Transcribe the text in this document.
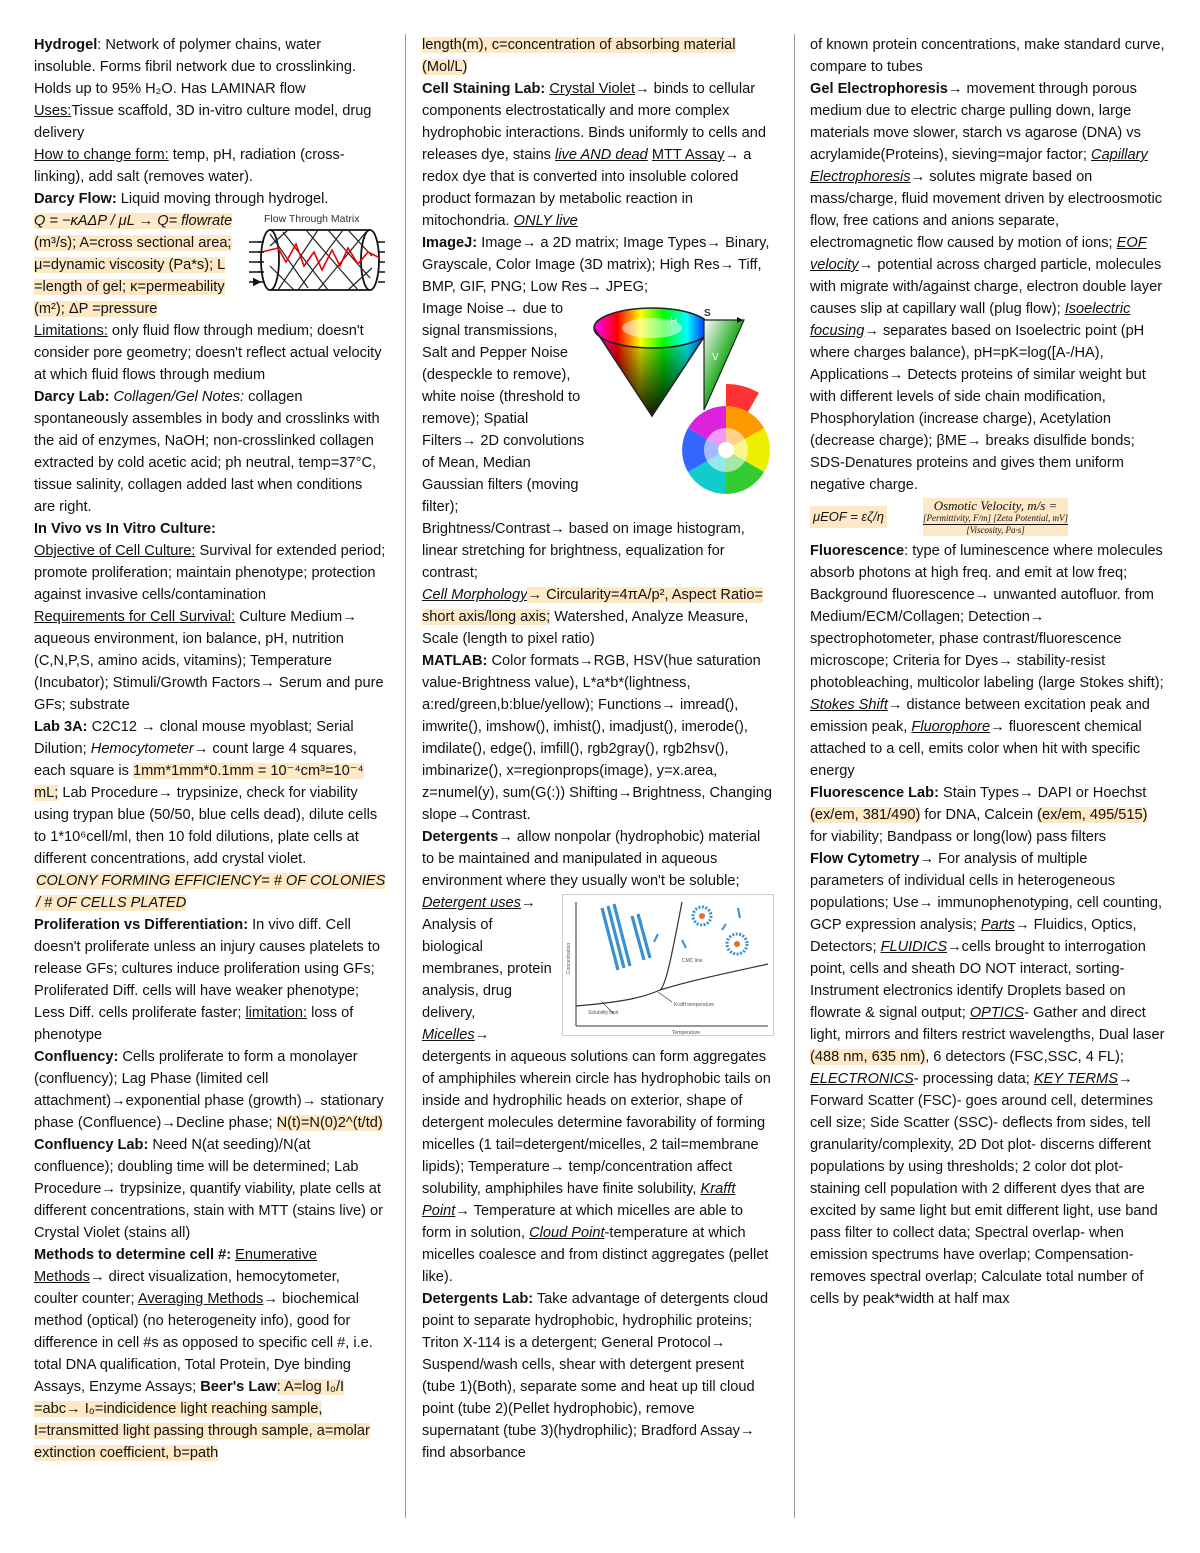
Hydrogel: Network of polymer chains, water insoluble. Forms fibril network due to crosslinking. Holds up to 95% H₂O. Has LAMINAR flow

Uses:Tissue scaffold, 3D in-vitro culture model, drug delivery

How to change form: temp, pH, radiation (cross-linking), add salt (removes water).

Darcy Flow: Liquid moving through hydrogel.

Flow Through Matrix

Q = −κAΔP / μL → Q= flowrate

(m³/s); A=cross sectional area; μ=dynamic viscosity (Pa*s); L =length of gel; κ=permeability (m²); ΔP =pressure

Limitations: only fluid flow through medium; doesn't consider pore geometry; doesn't reflect actual velocity at which fluid flows through medium

Darcy Lab: Collagen/Gel Notes: collagen spontaneously assembles in body and crosslinks with the aid of enzymes, NaOH; non-crosslinked collagen extracted by cold acetic acid; ph neutral, temp=37°C, tissue salinity, collagen added last when conditions are right.

In Vivo vs In Vitro Culture:

Objective of Cell Culture: Survival for extended period; promote proliferation; maintain phenotype; protection against invasive cells/contamination

Requirements for Cell Survival: Culture Medium→ aqueous environment, ion balance, pH, nutrition (C,N,P,S, amino acids, vitamins); Temperature (Incubator); Stimuli/Growth Factors→ Serum and pure GFs; substrate

Lab 3A: C2C12 → clonal mouse myoblast; Serial Dilution; Hemocytometer→ count large 4 squares, each square is 1mm*1mm*0.1mm = 10⁻⁴cm³=10⁻⁴ mL; Lab Procedure→ trypsinize, check for viability using trypan blue (50/50, blue cells dead), dilute cells to 1*10⁶cell/ml, then 10 fold dilutions, plate cells at different concentrations, add crystal violet.

COLONY FORMING EFFICIENCY= # OF COLONIES / # OF CELLS PLATED

Proliferation vs Differentiation: In vivo diff. Cell doesn't proliferate unless an injury causes platelets to release GFs; cultures induce proliferation using GFs; Proliferated Diff. cells will have weaker phenotype; Less Diff. cells proliferate faster; limitation: loss of phenotype

Confluency: Cells proliferate to form a monolayer (confluency); Lag Phase (limited cell attachment)→exponential phase (growth)→ stationary phase (Confluence)→Decline phase; N(t)=N(0)2^(t/td)

Confluency Lab: Need N(at seeding)/N(at confluence); doubling time will be determined; Lab Procedure→ trypsinize, quantify viability, plate cells at different concentrations, stain with MTT (stains live) or Crystal Violet (stains all)

Methods to determine cell #: Enumerative Methods→ direct visualization, hemocytometer, coulter counter; Averaging Methods→ biochemical method (optical) (no heterogeneity info), good for difference in cell #s as opposed to specific cell #, i.e. total DNA qualification, Total Protein, Dye binding Assays, Enzyme Assays; Beer's Law: A=log I₀/I =abc→ I₀=indicidence light reaching sample, I=transmitted light passing through sample, a=molar extinction coefficient, b=path

length(m), c=concentration of absorbing material (Mol/L)

Cell Staining Lab: Crystal Violet→ binds to cellular components electrostatically and more complex hydrophobic interactions. Binds uniformly to cells and releases dye, stains live AND dead MTT Assay→ a redox dye that is converted into insoluble colored product formazan by metabolic reaction in mitochondria. ONLY live

ImageJ: Image→ a 2D matrix; Image Types→ Binary, Grayscale, Color Image (3D matrix); High Res→ Tiff, BMP, GIF, PNG; Low Res→ JPEG;

H
S
V

Image Noise→ due to signal transmissions, Salt and Pepper Noise (despeckle to remove), white noise (threshold to remove); Spatial Filters→ 2D convolutions of Mean, Median Gaussian filters (moving filter); Brightness/Contrast→ based on image histogram, linear stretching for brightness, equalization for contrast;

Cell Morphology→ Circularity=4πA/p², Aspect Ratio= short axis/long axis; Watershed, Analyze Measure, Scale (length to pixel ratio)

MATLAB: Color formats→RGB, HSV(hue saturation value-Brightness value), L*a*b*(lightness, a:red/green,b:blue/yellow); Functions→ imread(), imwrite(), imshow(), imhist(), imadjust(), imerode(), imdilate(), edge(), imfill(), rgb2gray(), rgb2hsv(), imbinarize(), x=regionprops(image), y=x.area, z=numel(y), sum(G(:)) Shifting→Brightness, Changing slope→Contrast.

Detergents→ allow nonpolar (hydrophobic) material to be maintained and manipulated in aqueous environment where they usually won't be soluble;

Concentration
Temperature
CMC line
Solubility limit
Krafft temperature

Detergent uses→ Analysis of biological membranes, protein analysis, drug delivery,

Micelles→ detergents in aqueous solutions can form aggregates of amphiphiles wherein circle has hydrophobic tails on inside and hydrophilic heads on exterior, shape of detergent molecules determine favorability of forming micelles (1 tail=detergent/micelles, 2 tail=membrane lipids); Temperature→ temp/concentration affect solubility, amphiphiles have finite solubility, Krafft Point→ Temperature at which micelles are able to form in solution, Cloud Point-temperature at which micelles coalesce and from distinct aggregates (pellet like).

Detergents Lab: Take advantage of detergents cloud point to separate hydrophobic, hydrophilic proteins; Triton X-114 is a detergent; General Protocol→ Suspend/wash cells, shear with detergent present (tube 1)(Both), separate some and heat up till cloud point (tube 2)(Pellet hydrophobic), remove supernatant (tube 3)(hydrophilic); Bradford Assay→ find absorbance

of known protein concentrations, make standard curve, compare to tubes

Gel Electrophoresis→ movement through porous medium due to electric charge pulling down, large materials move slower, starch vs agarose (DNA) vs acrylamide(Proteins), sieving=major factor; Capillary Electrophoresis→ solutes migrate based on mass/charge, fluid movement driven by electroosmotic flow, free cations and anions separate, electromagnetic flow caused by motion of ions; EOF velocity→ potential across charged particle, molecules with migrate with/against charge, electron double layer causes slip at capillary wall (plug flow); Isoelectric focusing→ separates based on Isoelectric point (pH where charges balance), pH=pK=log([A-/HA), Applications→ Detects proteins of similar weight but with different levels of side chain modification, Phosphorylation (increase charge), Acetylation (decrease charge); βME→ breaks disulfide bonds; SDS-Denatures proteins and gives them uniform negative charge.

μEOF = εζ/η
Osmotic Velocity, m/s =
[Permittivity, F/m] [Zeta Potential, mV]
[Viscosity, Pa·s]

Fluorescence: type of luminescence where molecules absorb photons at high freq. and emit at low freq; Background fluorescence→ unwanted autofluor. from Medium/ECM/Collagen; Detection→ spectrophotometer, phase contrast/fluorescence microscope; Criteria for Dyes→ stability-resist photobleaching, multicolor labeling (large Stokes shift); Stokes Shift→ distance between excitation peak and emission peak, Fluorophore→ fluorescent chemical attached to a cell, emits color when hit with specific energy

Fluorescence Lab: Stain Types→ DAPI or Hoechst (ex/em, 381/490) for DNA, Calcein (ex/em, 495/515) for viability; Bandpass or long(low) pass filters

Flow Cytometry→ For analysis of multiple parameters of individual cells in heterogeneous populations; Use→ immunophenotyping, cell counting, GCP expression analysis; Parts→ Fluidics, Optics, Detectors; FLUIDICS→cells brought to interrogation point, cells and sheath DO NOT interact, sorting- Instrument electronics identify Droplets based on flowrate & signal output; OPTICS- Gather and direct light, mirrors and filters restrict wavelengths, Dual laser (488 nm, 635 nm), 6 detectors (FSC,SSC, 4 FL); ELECTRONICS- processing data; KEY TERMS→ Forward Scatter (FSC)- goes around cell, determines cell size; Side Scatter (SSC)- deflects from sides, tell granularity/complexity, 2D Dot plot- discerns different populations by using thresholds; 2 color dot plot- staining cell population with 2 different dyes that are excited by same light but emit different light, use band pass filter to collect data; Spectral overlap- when emission spectrums have overlap; Compensation- removes spectral overlap; Calculate total number of cells by peak*width at half max
